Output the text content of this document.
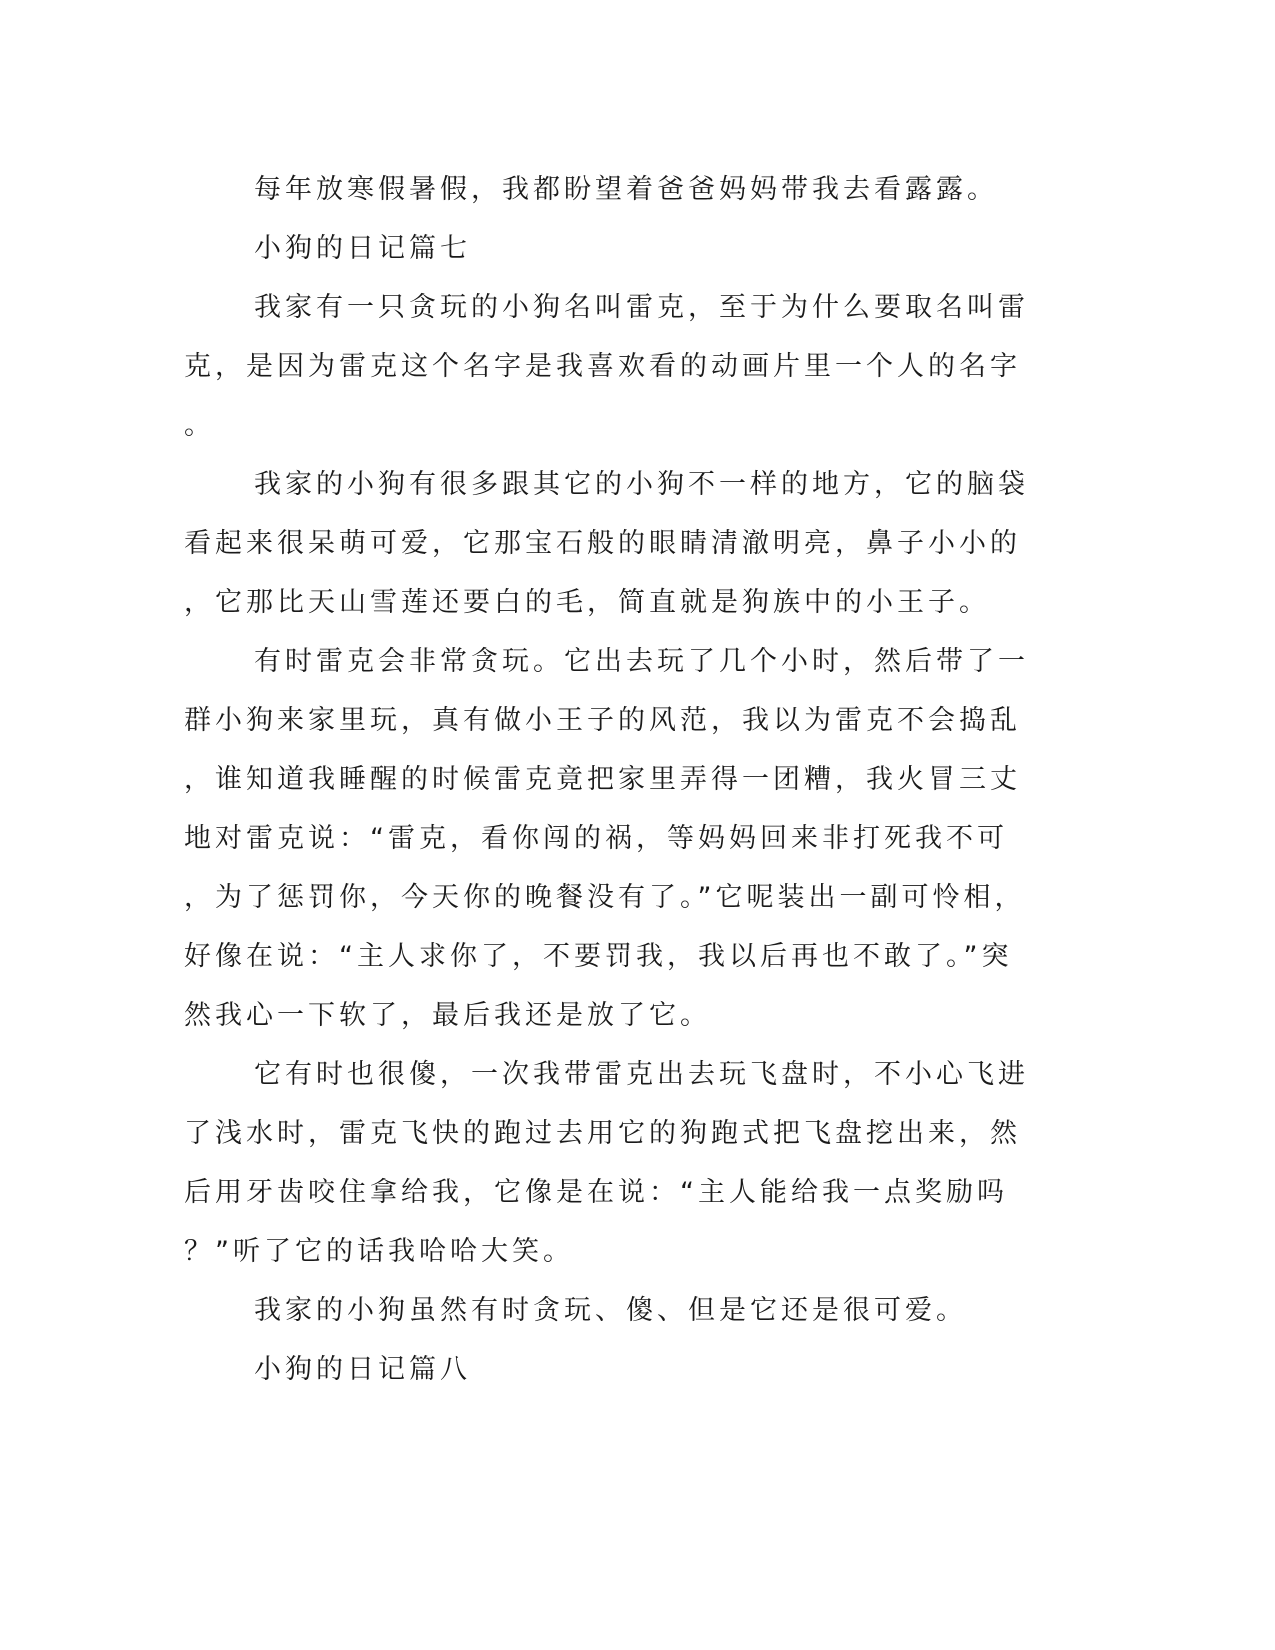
每年放寒假暑假，我都盼望着爸爸妈妈带我去看露露。

小狗的日记篇七

我家有一只贪玩的小狗名叫雷克，至于为什么要取名叫雷克，是因为雷克这个名字是我喜欢看的动画片里一个人的名字。

我家的小狗有很多跟其它的小狗不一样的地方，它的脑袋看起来很呆萌可爱，它那宝石般的眼睛清澈明亮，鼻子小小的，它那比天山雪莲还要白的毛，简直就是狗族中的小王子。

有时雷克会非常贪玩。它出去玩了几个小时，然后带了一群小狗来家里玩，真有做小王子的风范，我以为雷克不会捣乱，谁知道我睡醒的时候雷克竟把家里弄得一团糟，我火冒三丈地对雷克说：“雷克，看你闯的祸，等妈妈回来非打死我不可，为了惩罚你，今天你的晚餐没有了。”它呢装出一副可怜相，好像在说：“主人求你了，不要罚我，我以后再也不敢了。”突然我心一下软了，最后我还是放了它。

它有时也很傻，一次我带雷克出去玩飞盘时，不小心飞进了浅水时，雷克飞快的跑过去用它的狗跑式把飞盘挖出来，然后用牙齿咬住拿给我，它像是在说：“主人能给我一点奖励吗？”听了它的话我哈哈大笑。

我家的小狗虽然有时贪玩、傻、但是它还是很可爱。

小狗的日记篇八
